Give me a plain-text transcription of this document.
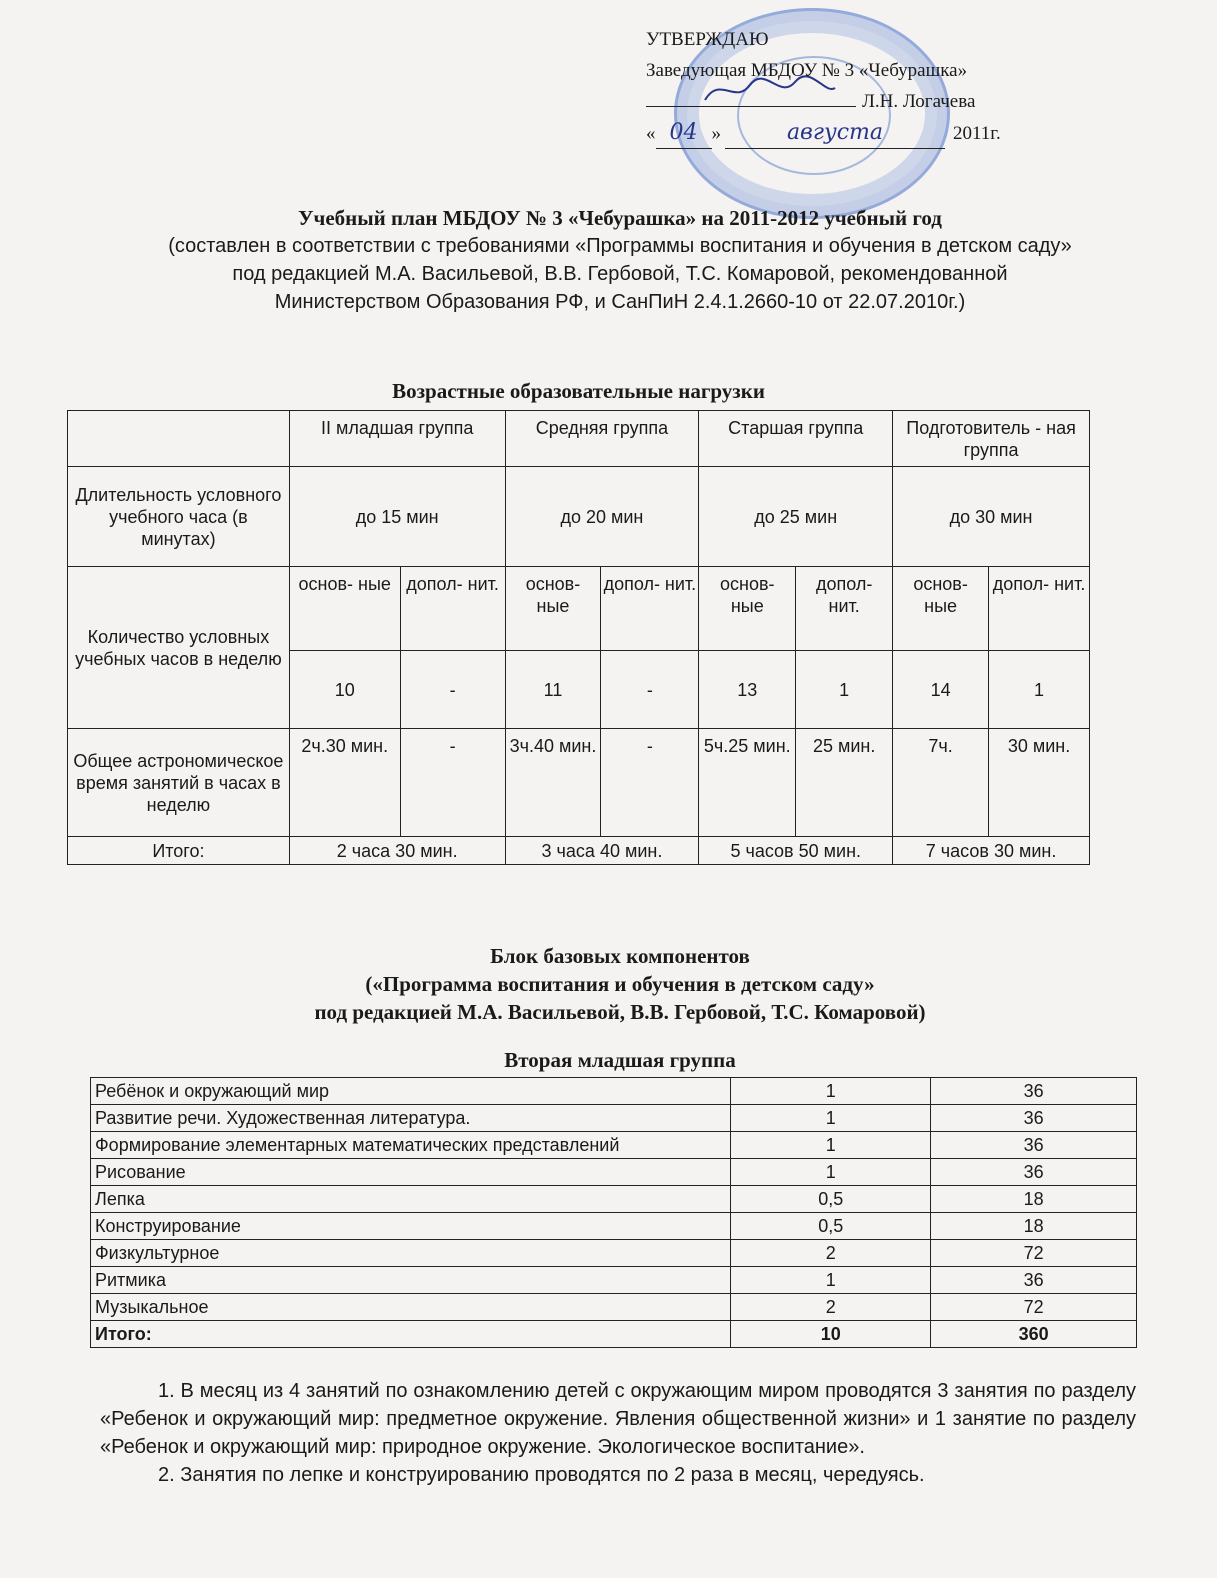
УТВЕРЖДАЮ
Заведующая МБДОУ № 3 «Чебурашка»
Л.Н. Логачева
« 04 »	августа	2011г.
Учебный план МБДОУ № 3 «Чебурашка» на 2011-2012 учебный год
(составлен в соответствии с требованиями «Программы воспитания и обучения в детском саду»
под редакцией М.А. Васильевой, В.В. Гербовой, Т.С. Комаровой, рекомендованной
Министерством Образования РФ, и СанПиН 2.4.1.2660-10 от 22.07.2010г.)
Возрастные образовательные нагрузки
	II младшая группа		Средняя группа		Старшая группа		Подготовитель - ная группа	
Длительность условного учебного часа (в минутах)	до 15 мин		до 20 мин		до 25 мин		до 30 мин	
Количество условных учебных часов в неделю	основ- ные	допол- нит.	основ- ные	допол- нит.	основ- ные	допол- нит.	основ- ные	допол- нит.
	10	-	11	-	13	1	14	1
Общее астрономическое время занятий в часах в неделю	2ч.30 мин.	-	3ч.40 мин.	-	5ч.25 мин.	25 мин.	7ч.	30 мин.
Итого:	2 часа 30 мин.		3 часа 40 мин.		5 часов 50 мин.		7 часов 30 мин.	
Блок базовых компонентов
(«Программа воспитания и обучения в детском саду»
под редакцией М.А. Васильевой, В.В. Гербовой, Т.С. Комаровой)
Вторая младшая группа
Ребёнок и окружающий мир	1	36
Развитие речи. Художественная литература.	1	36
Формирование элементарных математических представлений	1	36
Рисование	1	36
Лепка	0,5	18
Конструирование	0,5	18
Физкультурное	2	72
Ритмика	1	36
Музыкальное	2	72
Итого:	10	360

1. В месяц из 4 занятий по ознакомлению детей с окружающим миром проводятся 3 занятия по разделу «Ребенок и окружающий мир: предметное окружение. Явления общественной жизни» и 1 занятие по разделу «Ребенок и окружающий мир: природное окружение. Экологическое воспитание».

2. Занятия по лепке и конструированию проводятся по 2 раза в месяц, чередуясь.
